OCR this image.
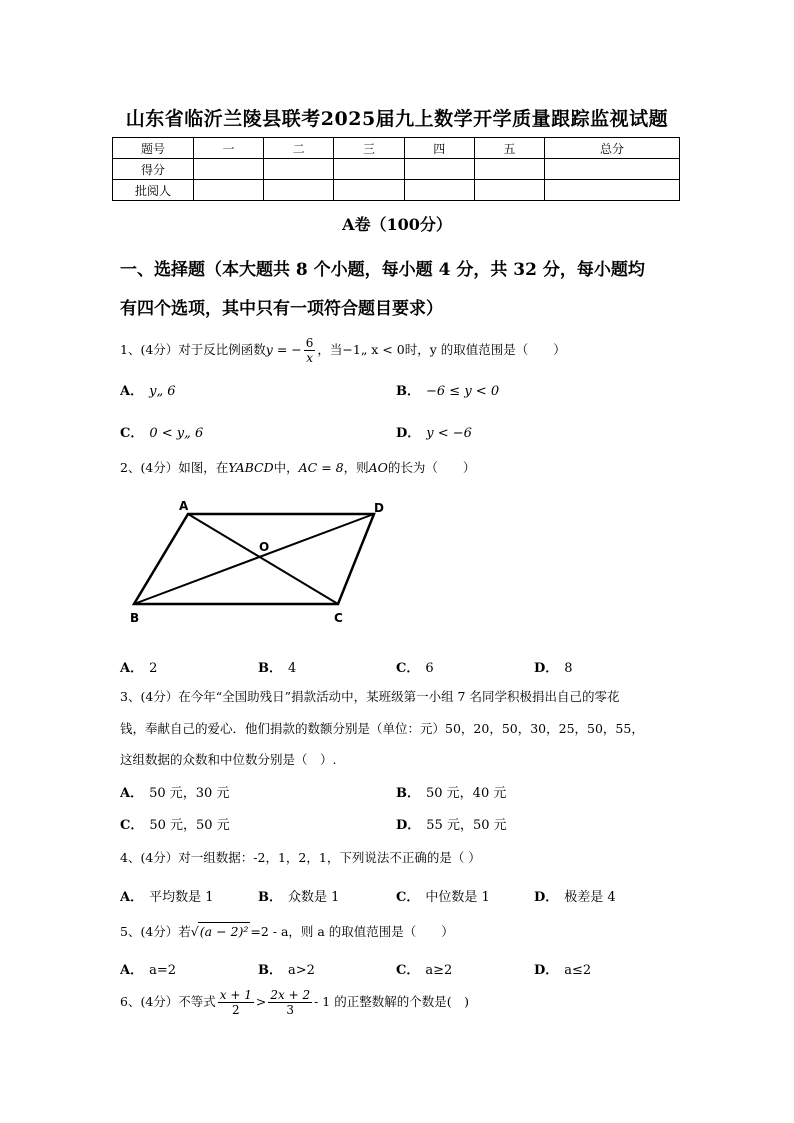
山东省临沂兰陵县联考2025届九上数学开学质量跟踪监视试题
题号	一	二	三	四	五	总分
得分						
批阅人						
A卷（100分）
一、选择题（本大题共 8 个小题，每小题 4 分，共 32 分，每小题均
有四个选项，其中只有一项符合题目要求）
1、(4分）对于反比例函数y = − $\frac{6}{x}$ ，当−1„ x < 0时，y 的取值范围是（　　）
A． y„ 6	B． −6 ≤ y < 0
C． 0 < y„ 6	D． y < −6
2、(4分）如图，在YABCD中，AC = 8，则AO的长为（　　）
A	D
O
B	C
A． 2	B． 4	C． 6	D． 8
3、(4分）在今年“全国助残日”捐款活动中，某班级第一小组 7 名同学积极捐出自己的零花
钱，奉献自己的爱心．他们捐款的数额分别是（单位：元）50，20，50，30，25，50，55，
这组数据的众数和中位数分别是（　）.
A． 50 元，30 元	B． 50 元，40 元
C． 50 元，50 元	D． 55 元，50 元
4、(4分）对一组数据：-2，1，2，1，下列说法不正确的是（ ）
A． 平均数是 1	B． 众数是 1	C． 中位数是 1	D． 极差是 4
5、(4分）若√(a − 2)² =2 - a，则 a 的取值范围是（　　）
A． a=2	B． a>2	C． a≥2	D． a≤2
6、(4分）不等式 $\frac{x + 1}{2} > \frac{2x + 2}{3} - 1$ 的正整数解的个数是(　)
